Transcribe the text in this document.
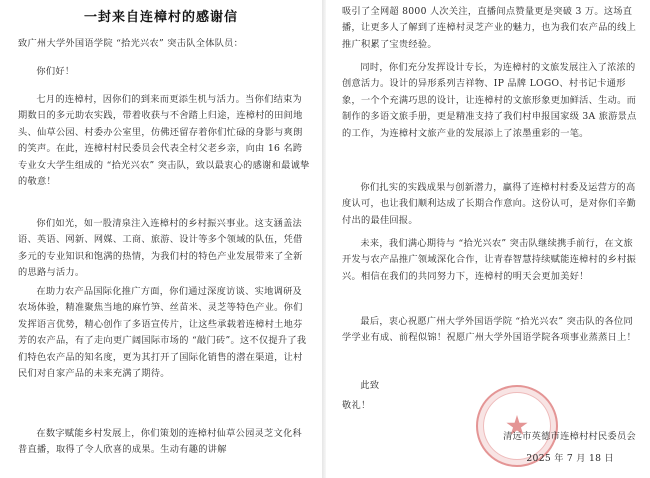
一封来自连樟村的感谢信

致广州大学外国语学院 “拾光兴农” 突击队全体队员：

你们好！

七月的连樟村，因你们的到来而更添生机与活力。当你们结束为期数日的多元助农实践，带着收获与不舍踏上归途，连樟村的田间地头、仙草公园、村委办公室里，仿佛还留存着你们忙碌的身影与爽朗的笑声。在此，连樟村村民委员会代表全村父老乡亲，向由 16 名跨专业女大学生组成的 “拾光兴农” 突击队，致以最衷心的感谢和最诚挚的敬意！

你们如光，如一股清泉注入连樟村的乡村振兴事业。这支涵盖法语、英语、网新、网媒、工商、旅游、设计等多个领域的队伍，凭借多元的专业知识和饱满的热情，为我们村的特色产业发展带来了全新的思路与活力。

在助力农产品国际化推广方面，你们通过深度访谈、实地调研及农场体验，精准聚焦当地的麻竹笋、丝苗米、灵芝等特色产业。你们发挥语言优势，精心创作了多语宣传片，让这些承载着连樟村土地芬芳的农产品，有了走向更广阔国际市场的 “敲门砖”。这不仅提升了我们特色农产品的知名度，更为其打开了国际化销售的潜在渠道，让村民们对自家产品的未来充满了期待。

在数字赋能乡村发展上，你们策划的连樟村仙草公园灵芝文化科普直播，取得了令人欣喜的成果。生动有趣的讲解

吸引了全网超 8000 人次关注，直播间点赞量更是突破 3 万。这场直播，让更多人了解到了连樟村灵芝产业的魅力，也为我们农产品的线上推广积累了宝贵经验。

同时，你们充分发挥设计专长，为连樟村的文旅发展注入了浓浓的创意活力。设计的异形系列吉祥物、IP 品牌 LOGO、村书记卡通形象，一个个充满巧思的设计，让连樟村的文旅形象更加鲜活、生动。而制作的多语文旅手册，更是精准支持了我们村申报国家级 3A 旅游景点的工作，为连樟村文旅产业的发展添上了浓墨重彩的一笔。

你们扎实的实践成果与创新潜力，赢得了连樟村村委及运营方的高度认可，也让我们顺利达成了长期合作意向。这份认可，是对你们辛勤付出的最佳回报。

未来，我们满心期待与 “拾光兴农” 突击队继续携手前行，在文旅开发与农产品推广领域深化合作，让青春智慧持续赋能连樟村的乡村振兴。相信在我们的共同努力下，连樟村的明天会更加美好！

最后，衷心祝愿广州大学外国语学院 “拾光兴农” 突击队的各位同学学业有成、前程似锦！祝愿广州大学外国语学院各项事业蒸蒸日上！

此致

敬礼！

清远市英德市连樟村村民委员会
2025 年 7 月 18 日
